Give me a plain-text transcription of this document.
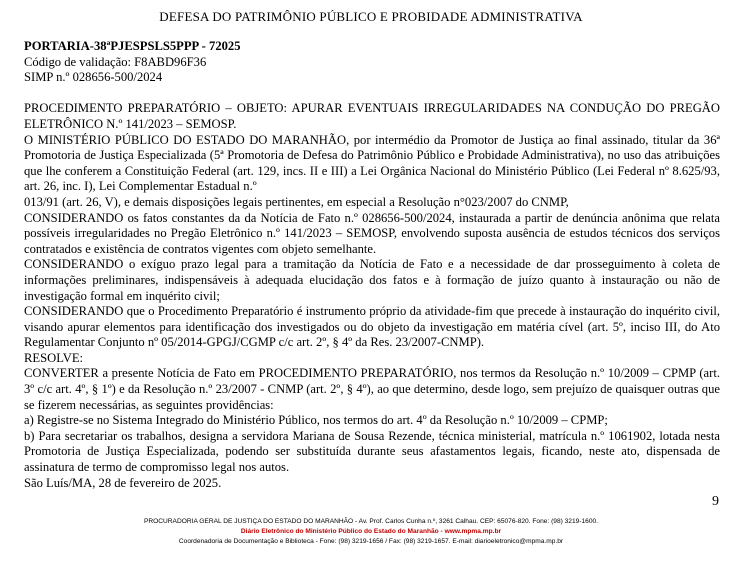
DEFESA DO PATRIMÔNIO PÚBLICO E PROBIDADE ADMINISTRATIVA

PORTARIA-38ªPJESPSLS5PPP - 72025

Código de validação: F8ABD96F36

SIMP n.º 028656-500/2024

PROCEDIMENTO PREPARATÓRIO – OBJETO: APURAR EVENTUAIS IRREGULARIDADES NA CONDUÇÃO DO PREGÃO ELETRÔNICO N.º 141/2023 – SEMOSP.

O MINISTÉRIO PÚBLICO DO ESTADO DO MARANHÃO, por intermédio da Promotor de Justiça ao final assinado, titular da 36ª Promotoria de Justiça Especializada (5ª Promotoria de Defesa do Patrimônio Público e Probidade Administrativa), no uso das atribuições que lhe conferem a Constituição Federal (art. 129, incs. II e III) a Lei Orgânica Nacional do Ministério Público (Lei Federal nº 8.625/93, art. 26, inc. I), Lei Complementar Estadual n.º

013/91 (art. 26, V), e demais disposições legais pertinentes, em especial a Resolução n°023/2007 do CNMP,

CONSIDERANDO os fatos constantes da da Notícia de Fato n.º 028656-500/2024, instaurada a partir de denúncia anônima que relata possíveis irregularidades no Pregão Eletrônico n.º 141/2023 – SEMOSP, envolvendo suposta ausência de estudos técnicos dos serviços contratados e existência de contratos vigentes com objeto semelhante.

CONSIDERANDO o exíguo prazo legal para a tramitação da Notícia de Fato e a necessidade de dar prosseguimento à coleta de informações preliminares, indispensáveis à adequada elucidação dos fatos e à formação de juízo quanto à instauração ou não de investigação formal em inquérito civil;

CONSIDERANDO que o Procedimento Preparatório é instrumento próprio da atividade-fim que precede à instauração do inquérito civil, visando apurar elementos para identificação dos investigados ou do objeto da investigação em matéria cível (art. 5º, inciso III, do Ato Regulamentar Conjunto nº 05/2014-GPGJ/CGMP c/c art. 2º, § 4º da Res. 23/2007-CNMP).

RESOLVE:

CONVERTER a presente Notícia de Fato em PROCEDIMENTO PREPARATÓRIO, nos termos da Resolução n.º 10/2009 – CPMP (art. 3º c/c art. 4º, § 1º) e da Resolução n.º 23/2007 - CNMP (art. 2º, § 4º), ao que determino, desde logo, sem prejuízo de quaisquer outras que se fizerem necessárias, as seguintes providências:

a) Registre-se no Sistema Integrado do Ministério Público, nos termos do art. 4º da Resolução n.º 10/2009 – CPMP;

b) Para secretariar os trabalhos, designa a servidora Mariana de Sousa Rezende, técnica ministerial, matrícula n.º 1061902, lotada nesta Promotoria de Justiça Especializada, podendo ser substituída durante seus afastamentos legais, ficando, neste ato, dispensada de assinatura de termo de compromisso legal nos autos.

São Luís/MA, 28 de fevereiro de 2025.

9
PROCURADORIA GERAL DE JUSTIÇA DO ESTADO DO MARANHÃO - Av. Prof. Carlos Cunha n.º, 3261 Calhau. CEP: 65076-820. Fone: (98) 3219-1600.
Diário Eletrônico do Ministério Público do Estado do Maranhão - www.mpma.mp.br
Coordenadoria de Documentação e Biblioteca - Fone: (98) 3219-1656 / Fax: (98) 3219-1657. E-mail: diarioeletronico@mpma.mp.br
